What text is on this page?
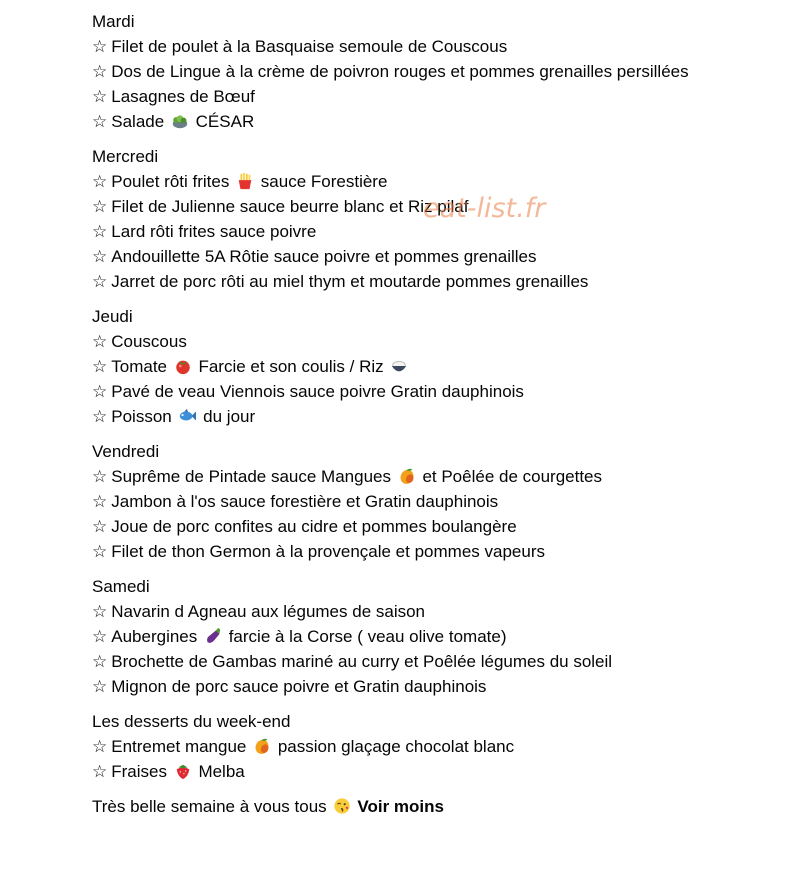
Mardi
☆ Filet de poulet à la Basquaise semoule de Couscous
☆ Dos de Lingue à la crème de poivron rouges et pommes grenailles persillées
☆ Lasagnes de Bœuf
☆ Salade  CÉSAR
Mercredi
☆ Poulet rôti frites  sauce Forestière
☆ Filet de Julienne sauce beurre blanc et Riz pilaf
☆ Lard rôti frites sauce poivre
☆ Andouillette 5A Rôtie sauce poivre et pommes grenailles
☆ Jarret de porc rôti au miel thym et moutarde pommes grenailles
Jeudi
☆ Couscous
☆ Tomate  Farcie et son coulis / Riz
☆ Pavé de veau Viennois sauce poivre Gratin dauphinois
☆ Poisson  du jour
Vendredi
☆ Suprême de Pintade sauce Mangues  et Poêlée de courgettes
☆ Jambon à l'os sauce forestière et Gratin dauphinois
☆ Joue de porc confites au cidre et pommes boulangère
☆ Filet de thon Germon à la provençale et pommes vapeurs
Samedi
☆ Navarin d Agneau aux légumes de saison
☆ Aubergines  farcie à la Corse ( veau olive tomate)
☆ Brochette de Gambas mariné au curry et Poêlée légumes du soleil
☆ Mignon de porc sauce poivre et Gratin dauphinois
Les desserts du week-end
☆ Entremet mangue  passion glaçage chocolat blanc
☆ Fraises  Melba
Très belle semaine à vous tous Voir moins
eat-list.fr
